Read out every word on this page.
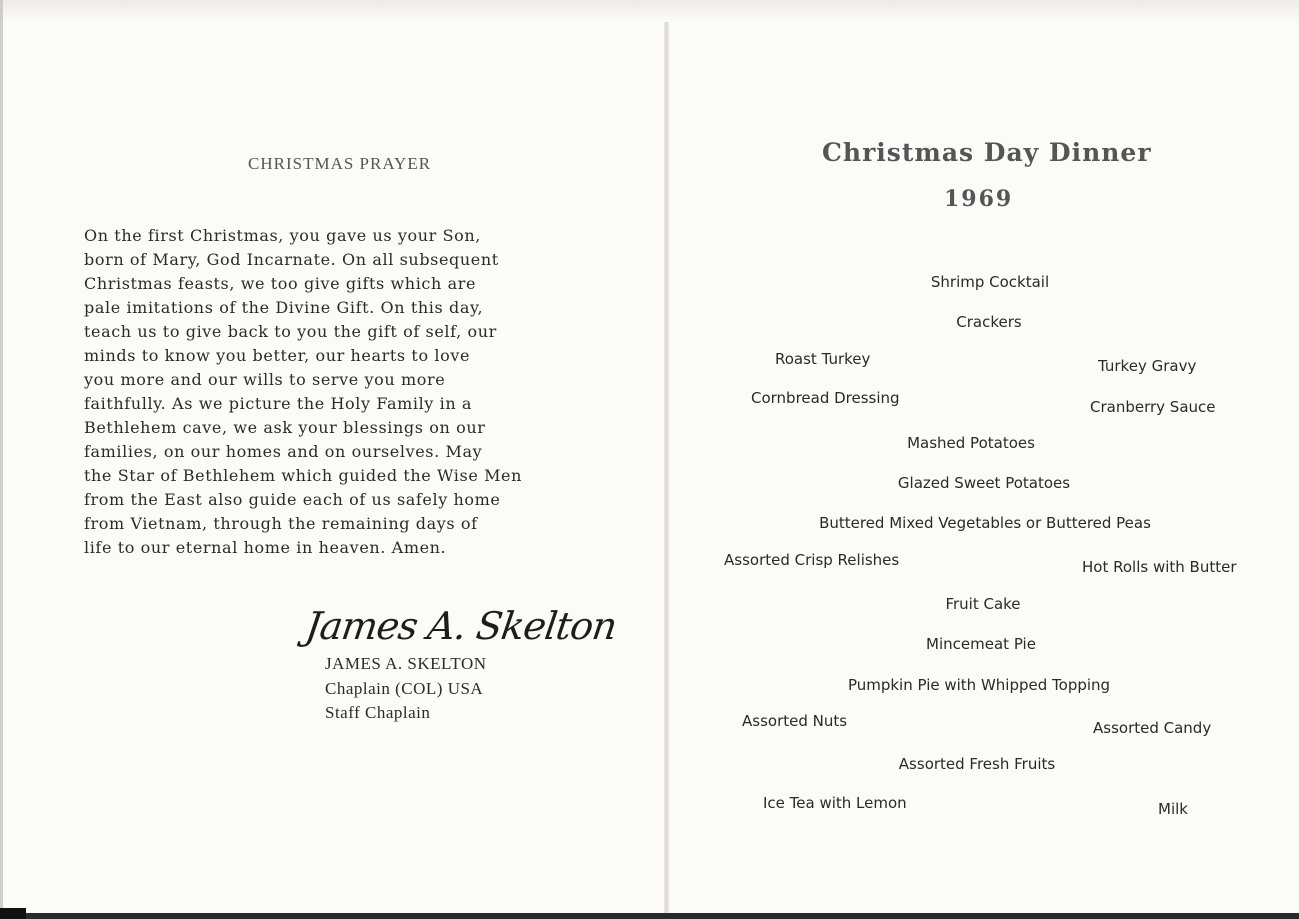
CHRISTMAS PRAYER
On the first Christmas, you gave us your Son,
born of Mary, God Incarnate. On all subsequent
Christmas feasts, we too give gifts which are
pale imitations of the Divine Gift. On this day,
teach us to give back to you the gift of self, our
minds to know you better, our hearts to love
you more and our wills to serve you more
faithfully. As we picture the Holy Family in a
Bethlehem cave, we ask your blessings on our
families, on our homes and on ourselves. May
the Star of Bethlehem which guided the Wise Men
from the East also guide each of us safely home
from Vietnam, through the remaining days of
life to our eternal home in heaven. Amen.
James A. Skelton
JAMES A. SKELTON
Chaplain (COL) USA
Staff Chaplain
Christmas Day Dinner
1969
Shrimp Cocktail
Crackers
Roast Turkey	Turkey Gravy
Cornbread Dressing	Cranberry Sauce
Mashed Potatoes
Glazed Sweet Potatoes
Buttered Mixed Vegetables or Buttered Peas
Assorted Crisp Relishes	Hot Rolls with Butter
Fruit Cake
Mincemeat Pie
Pumpkin Pie with Whipped Topping
Assorted Nuts	Assorted Candy
Assorted Fresh Fruits
Ice Tea with Lemon	Milk
